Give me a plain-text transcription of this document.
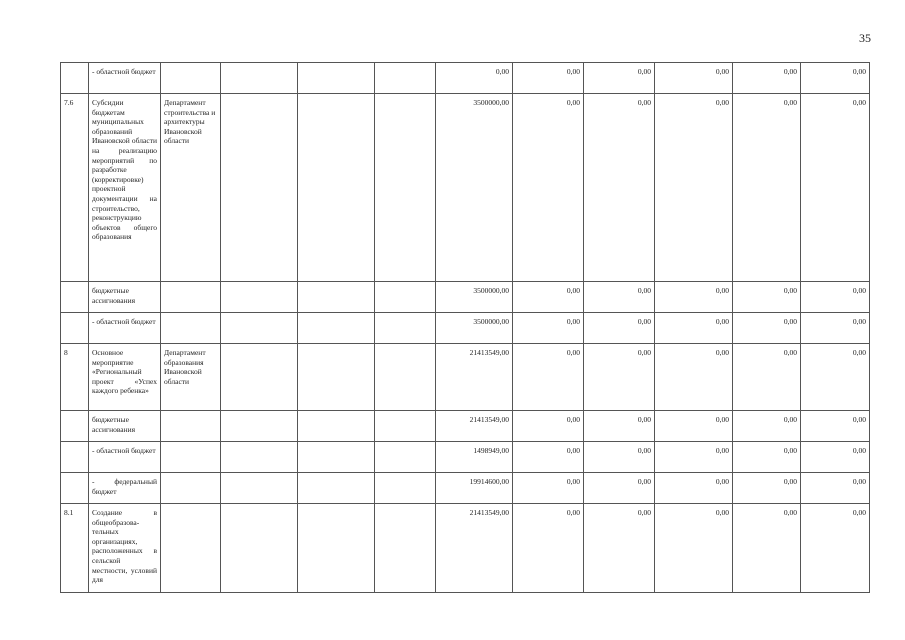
35
	- областной бюджет					0,00	0,00	0,00	0,00	0,00	0,00
7.6	Субсидии бюджетам муниципальных образований Ивановской области на реализацию мероприятий по разработке (корректировке) проектной документации на строительство, реконструкцию объектов общего образования	Департамент строительства и архитектуры Ивановской области				3500000,00	0,00	0,00	0,00	0,00	0,00
	бюджетные ассигнования					3500000,00	0,00	0,00	0,00	0,00	0,00
	- областной бюджет					3500000,00	0,00	0,00	0,00	0,00	0,00
8	Основное мероприятие «Региональный проект «Успех каждого ребенка»	Департамент образования Ивановской области				21413549,00	0,00	0,00	0,00	0,00	0,00
	бюджетные ассигнования					21413549,00	0,00	0,00	0,00	0,00	0,00
	- областной бюджет					1498949,00	0,00	0,00	0,00	0,00	0,00
	- федеральный бюджет					19914600,00	0,00	0,00	0,00	0,00	0,00
8.1	Создание в общеобразова-тельных организациях, расположенных в сельской местности, условий для					21413549,00	0,00	0,00	0,00	0,00	0,00
